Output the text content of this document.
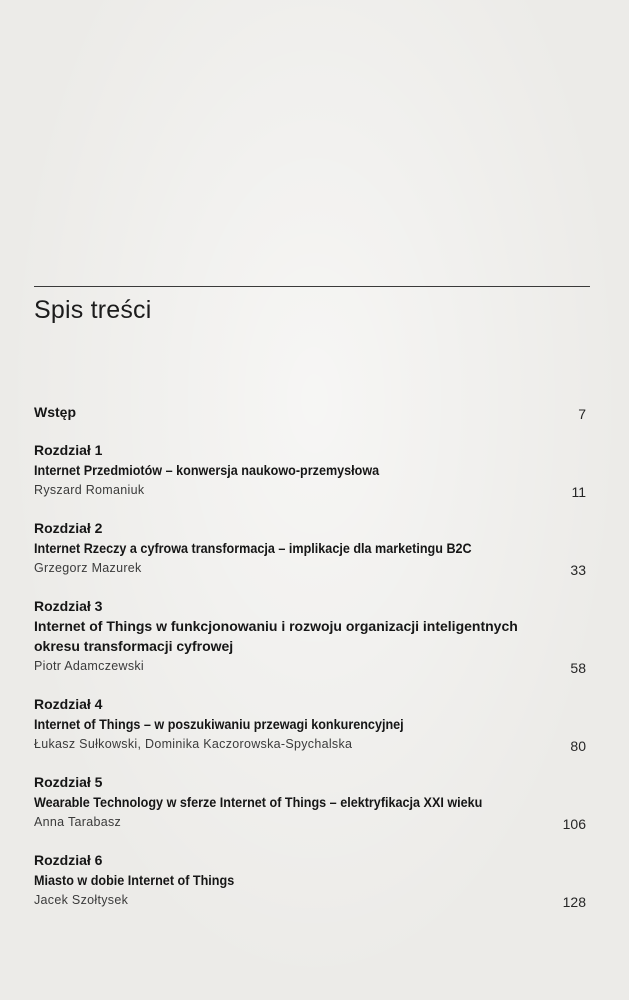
Spis treści
Wstęp	7
Rozdział 1
Internet Przedmiotów – konwersja naukowo-przemysłowa
Ryszard Romaniuk	11
Rozdział 2
Internet Rzeczy a cyfrowa transformacja – implikacje dla marketingu B2C
Grzegorz Mazurek	33
Rozdział 3
Internet of Things w funkcjonowaniu i rozwoju organizacji inteligentnych okresu transformacji cyfrowej
Piotr Adamczewski	58
Rozdział 4
Internet of Things – w poszukiwaniu przewagi konkurencyjnej
Łukasz Sułkowski, Dominika Kaczorowska-Spychalska	80
Rozdział 5
Wearable Technology w sferze Internet of Things – elektryfikacja XXI wieku
Anna Tarabasz	106
Rozdział 6
Miasto w dobie Internet of Things
Jacek Szołtysek	128
